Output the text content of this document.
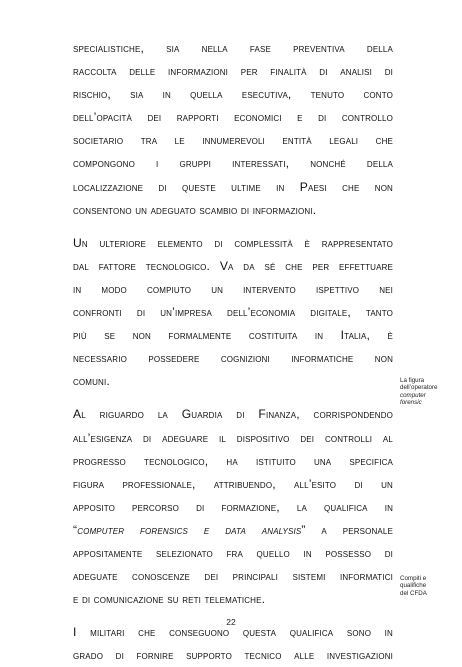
specialistiche, sia nella fase preventiva della
raccolta delle informazioni per finalità di analisi di
rischio, sia in quella esecutiva, tenuto conto
dell’opacità dei rapporti economici e di controllo
societario tra le innumerevoli entità legali che
compongono i gruppi interessati, nonché della
localizzazione di queste ultime in Paesi che non
consentono un adeguato scambio di informazioni.
Un ulteriore elemento di complessità è rappresentato
dal fattore tecnologico. Va da sé che per effettuare
in modo compiuto un intervento ispettivo nei
confronti di un’impresa dell’economia digitale, tanto
più se non formalmente costituita in Italia, è
necessario possedere cognizioni informatiche non
comuni.
Al riguardo la Guardia di Finanza, corrispondendo
all’esigenza di adeguare il dispositivo dei controlli al
progresso tecnologico, ha istituito una specifica
figura professionale, attribuendo, all’esito di un
apposito percorso di formazione, la qualifica in
“computer forensics e data analysis” a personale
appositamente selezionato fra quello in possesso di
adeguate conoscenze dei principali sistemi informatici
e di comunicazione su reti telematiche.
I militari che conseguono questa qualifica sono in
grado di fornire supporto tecnico alle investigazioni
La figura
dell’operatore
computer
forensic
Compiti e
qualifiche
del CFDA
22
